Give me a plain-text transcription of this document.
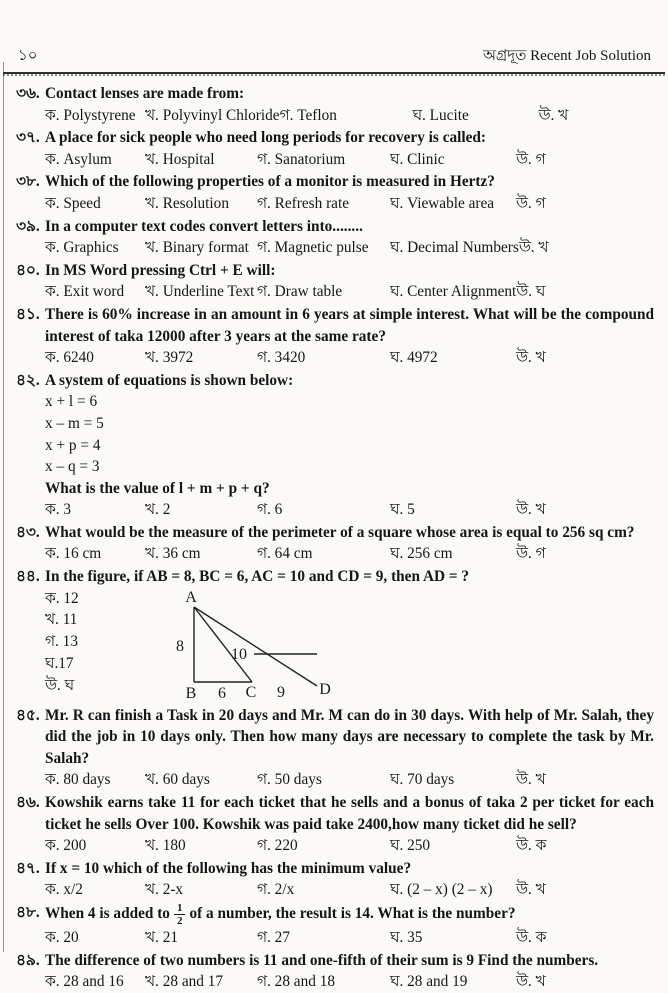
১০	অগ্রদূত Recent Job Solution
৩৬. Contact lenses are made from:
ক. Polystyrene খ. Polyvinyl Chloride গ. Teflon	ঘ. Lucite	উ. খ
৩৭. A place for sick people who need long periods for recovery is called:
ক. Asylum	খ. Hospital	গ. Sanatorium	ঘ. Clinic	উ. গ
৩৮. Which of the following properties of a monitor is measured in Hertz?
ক. Speed	খ. Resolution	গ. Refresh rate	ঘ. Viewable area	উ. গ
৩৯. In a computer text codes convert letters into........
ক. Graphics	খ. Binary format গ. Magnetic pulse	ঘ. Decimal Numbers উ. খ
৪০. In MS Word pressing Ctrl + E will:
ক. Exit word	খ. Underline Text গ. Draw table	ঘ. Center Alignment উ. ঘ
৪১. There is 60% increase in an amount in 6 years at simple interest. What will be the compound interest of taka 12000 after 3 years at the same rate?
ক. 6240	খ. 3972	গ. 3420	ঘ. 4972	উ. খ
৪২. A system of equations is shown below:
x + l = 6
x – m = 5
x + p = 4
x – q = 3
What is the value of l + m + p + q?
ক. 3	খ. 2	গ. 6	ঘ. 5	উ. খ
৪৩. What would be the measure of the perimeter of a square whose area is equal to 256 sq cm?
ক. 16 cm	খ. 36 cm	গ. 64 cm	ঘ. 256 cm	উ. গ
৪৪. In the figure, if AB = 8, BC = 6, AC = 10 and CD = 9, then AD = ?
ক. 12
খ. 11
গ. 13
ঘ.17
উ. ঘ
A
B	C	D
8	10
6	9
৪৫. Mr. R can finish a Task in 20 days and Mr. M can do in 30 days. With help of Mr. Salah, they did the job in 10 days only. Then how many days are necessary to complete the task by Mr. Salah?
ক. 80 days	খ. 60 days	গ. 50 days	ঘ. 70 days	উ. খ
৪৬. Kowshik earns take 11 for each ticket that he sells and a bonus of taka 2 per ticket for each ticket he sells Over 100. Kowshik was paid take 2400,how many ticket did he sell?
ক. 200	খ. 180	গ. 220	ঘ. 250	উ. ক
৪৭. If x = 10 which of the following has the minimum value?
ক. x/2	খ. 2-x	গ. 2/x	ঘ. (2 – x) (2 – x)	উ. খ
৪৮. When 4 is added to $\frac{1}{2}$ of a number, the result is 14. What is the number?
ক. 20	খ. 21	গ. 27	ঘ. 35	উ. ক
৪৯. The difference of two numbers is 11 and one-fifth of their sum is 9 Find the numbers.
ক. 28 and 16	খ. 28 and 17	গ. 28 and 18	ঘ. 28 and 19	উ. খ
